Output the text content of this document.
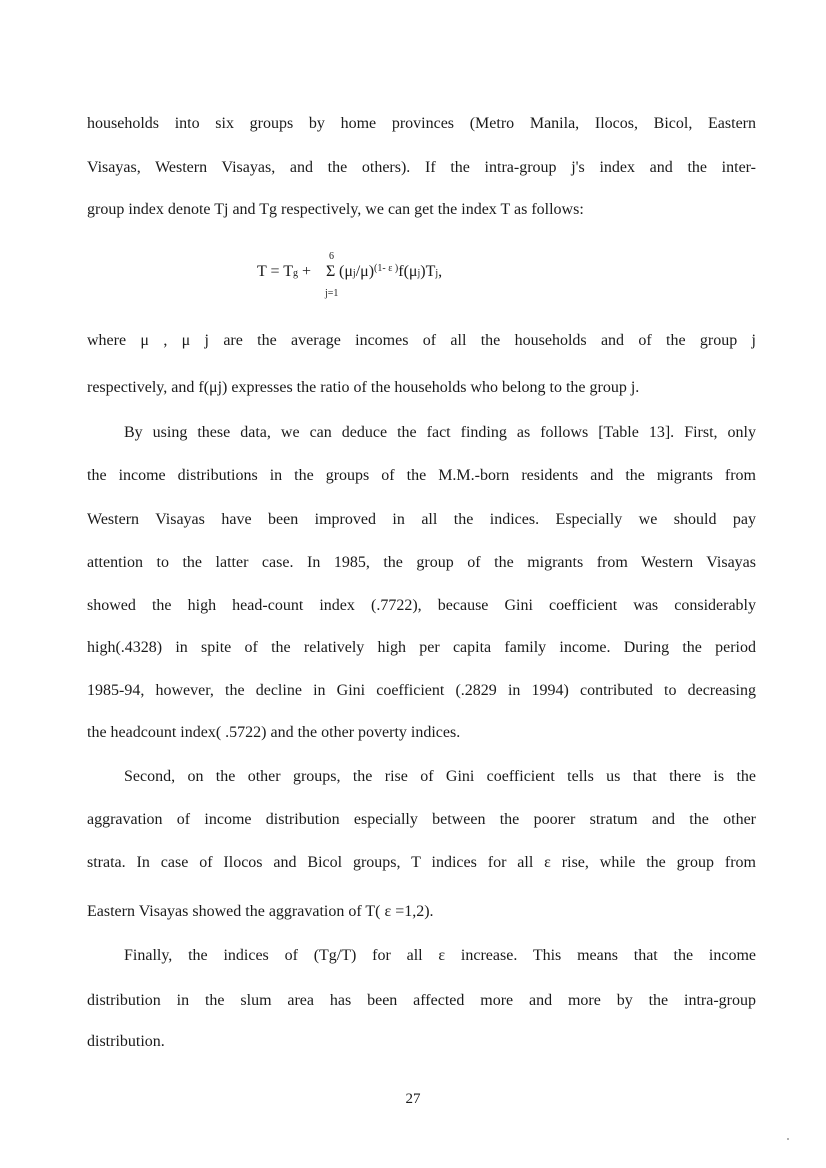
households into six groups by home provinces (Metro Manila, Ilocos, Bicol, Eastern
Visayas, Western Visayas, and the others). If the intra-group j's index and the inter-
group index denote Tj and Tg respectively, we can get the index T as follows:
T = Tg +
6
Σ
j=1
$(\mu j/\mu)^{(1- \varepsilon )}f(\mu j)Tj$,
where μ , μ j are the average incomes of all the households and of the group j
respectively, and f(μj) expresses the ratio of the households who belong to the group j.
By using these data, we can deduce the fact finding as follows [Table 13]. First, only
the income distributions in the groups of the M.M.-born residents and the migrants from
Western Visayas have been improved in all the indices. Especially we should pay
attention to the latter case. In 1985, the group of the migrants from Western Visayas
showed the high head-count index (.7722), because Gini coefficient was considerably
high(.4328) in spite of the relatively high per capita family income. During the period
1985-94, however, the decline in Gini coefficient (.2829 in 1994) contributed to decreasing
the headcount index( .5722) and the other poverty indices.
Second, on the other groups, the rise of Gini coefficient tells us that there is the
aggravation of income distribution especially between the poorer stratum and the other
strata. In case of Ilocos and Bicol groups, T indices for all ε rise, while the group from
Eastern Visayas showed the aggravation of T( ε =1,2).
Finally, the indices of (Tg/T) for all ε increase. This means that the income
distribution in the slum area has been affected more and more by the intra-group
distribution.
27
